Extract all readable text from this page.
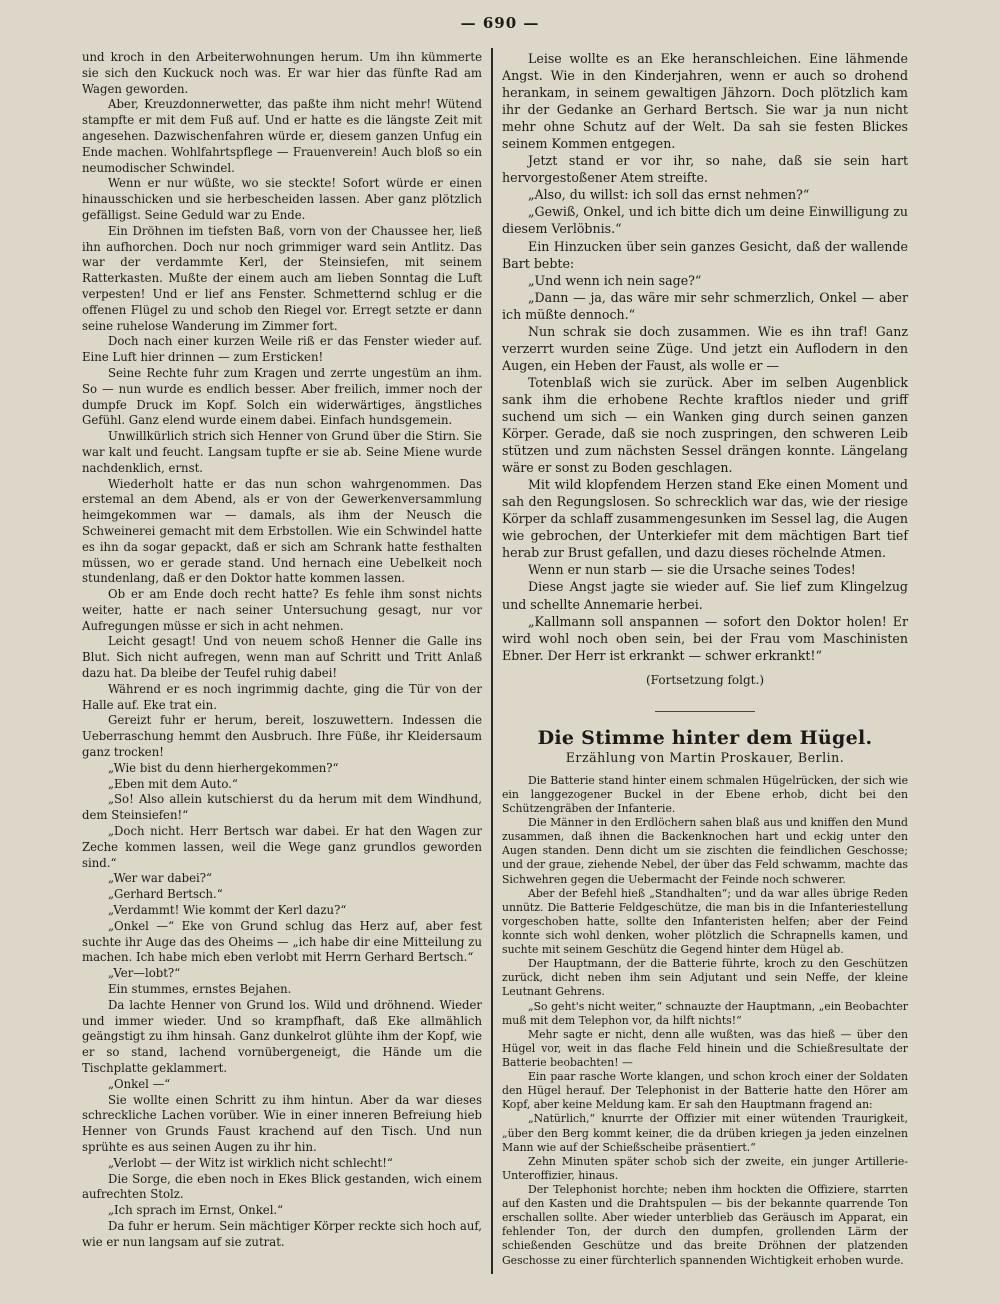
— 690 —

und kroch in den Arbeiterwohnungen herum. Um ihn kümmerte sie sich den Kuckuck noch was. Er war hier das fünfte Rad am Wagen geworden.

Aber, Kreuzdonnerwetter, das paßte ihm nicht mehr! Wütend stampfte er mit dem Fuß auf. Und er hatte es die längste Zeit mit angesehen. Dazwischenfahren würde er, diesem ganzen Unfug ein Ende machen. Wohlfahrtspflege — Frauenverein! Auch bloß so ein neumodischer Schwindel.

Wenn er nur wüßte, wo sie steckte! Sofort würde er einen hinausschicken und sie herbescheiden lassen. Aber ganz plötzlich gefälligst. Seine Geduld war zu Ende.

Ein Dröhnen im tiefsten Baß, vorn von der Chaussee her, ließ ihn aufhorchen. Doch nur noch grimmiger ward sein Antlitz. Das war der verdammte Kerl, der Steinsiefen, mit seinem Ratterkasten. Mußte der einem auch am lieben Sonntag die Luft verpesten! Und er lief ans Fenster. Schmetternd schlug er die offenen Flügel zu und schob den Riegel vor. Erregt setzte er dann seine ruhelose Wanderung im Zimmer fort.

Doch nach einer kurzen Weile riß er das Fenster wieder auf. Eine Luft hier drinnen — zum Ersticken!

Seine Rechte fuhr zum Kragen und zerrte ungestüm an ihm. So — nun wurde es endlich besser. Aber freilich, immer noch der dumpfe Druck im Kopf. Solch ein widerwärtiges, ängstliches Gefühl. Ganz elend wurde einem dabei. Einfach hundsgemein.

Unwillkürlich strich sich Henner von Grund über die Stirn. Sie war kalt und feucht. Langsam tupfte er sie ab. Seine Miene wurde nachdenklich, ernst.

Wiederholt hatte er das nun schon wahrgenommen. Das erstemal an dem Abend, als er von der Gewerkenversammlung heimgekommen war — damals, als ihm der Neusch die Schweinerei gemacht mit dem Erbstollen. Wie ein Schwindel hatte es ihn da sogar gepackt, daß er sich am Schrank hatte festhalten müssen, wo er gerade stand. Und hernach eine Uebelkeit noch stundenlang, daß er den Doktor hatte kommen lassen.

Ob er am Ende doch recht hatte? Es fehle ihm sonst nichts weiter, hatte er nach seiner Untersuchung gesagt, nur vor Aufregungen müsse er sich in acht nehmen.

Leicht gesagt! Und von neuem schoß Henner die Galle ins Blut. Sich nicht aufregen, wenn man auf Schritt und Tritt Anlaß dazu hat. Da bleibe der Teufel ruhig dabei!

Während er es noch ingrimmig dachte, ging die Tür von der Halle auf. Eke trat ein.

Gereizt fuhr er herum, bereit, loszuwettern. Indessen die Ueberraschung hemmt den Ausbruch. Ihre Füße, ihr Kleidersaum ganz trocken!

„Wie bist du denn hierhergekommen?“

„Eben mit dem Auto.“

„So! Also allein kutschierst du da herum mit dem Windhund, dem Steinsiefen!“

„Doch nicht. Herr Bertsch war dabei. Er hat den Wagen zur Zeche kommen lassen, weil die Wege ganz grundlos geworden sind.“

„Wer war dabei?“

„Gerhard Bertsch.“

„Verdammt! Wie kommt der Kerl dazu?“

„Onkel —“ Eke von Grund schlug das Herz auf, aber fest suchte ihr Auge das des Oheims — „ich habe dir eine Mitteilung zu machen. Ich habe mich eben verlobt mit Herrn Gerhard Bertsch.“

„Ver—lobt?“

Ein stummes, ernstes Bejahen.

Da lachte Henner von Grund los. Wild und dröhnend. Wieder und immer wieder. Und so krampfhaft, daß Eke allmählich geängstigt zu ihm hinsah. Ganz dunkelrot glühte ihm der Kopf, wie er so stand, lachend vornübergeneigt, die Hände um die Tischplatte geklammert.

„Onkel —“

Sie wollte einen Schritt zu ihm hintun. Aber da war dieses schreckliche Lachen vorüber. Wie in einer inneren Befreiung hieb Henner von Grunds Faust krachend auf den Tisch. Und nun sprühte es aus seinen Augen zu ihr hin.

„Verlobt — der Witz ist wirklich nicht schlecht!“

Die Sorge, die eben noch in Ekes Blick gestanden, wich einem aufrechten Stolz.

„Ich sprach im Ernst, Onkel.“

Da fuhr er herum. Sein mächtiger Körper reckte sich hoch auf, wie er nun langsam auf sie zutrat.

Leise wollte es an Eke heranschleichen. Eine lähmende Angst. Wie in den Kinderjahren, wenn er auch so drohend herankam, in seinem gewaltigen Jähzorn. Doch plötzlich kam ihr der Gedanke an Gerhard Bertsch. Sie war ja nun nicht mehr ohne Schutz auf der Welt. Da sah sie festen Blickes seinem Kommen entgegen.

Jetzt stand er vor ihr, so nahe, daß sie sein hart hervorgestoßener Atem streifte.

„Also, du willst: ich soll das ernst nehmen?“

„Gewiß, Onkel, und ich bitte dich um deine Einwilligung zu diesem Verlöbnis.“

Ein Hinzucken über sein ganzes Gesicht, daß der wallende Bart bebte:

„Und wenn ich nein sage?“

„Dann — ja, das wäre mir sehr schmerzlich, Onkel — aber ich müßte dennoch.“

Nun schrak sie doch zusammen. Wie es ihn traf! Ganz verzerrt wurden seine Züge. Und jetzt ein Auflodern in den Augen, ein Heben der Faust, als wolle er —

Totenblaß wich sie zurück. Aber im selben Augenblick sank ihm die erhobene Rechte kraftlos nieder und griff suchend um sich — ein Wanken ging durch seinen ganzen Körper. Gerade, daß sie noch zuspringen, den schweren Leib stützen und zum nächsten Sessel drängen konnte. Längelang wäre er sonst zu Boden geschlagen.

Mit wild klopfendem Herzen stand Eke einen Moment und sah den Regungslosen. So schrecklich war das, wie der riesige Körper da schlaff zusammengesunken im Sessel lag, die Augen wie gebrochen, der Unterkiefer mit dem mächtigen Bart tief herab zur Brust gefallen, und dazu dieses röchelnde Atmen.

Wenn er nun starb — sie die Ursache seines Todes!

Diese Angst jagte sie wieder auf. Sie lief zum Klingelzug und schellte Annemarie herbei.

„Kallmann soll anspannen — sofort den Doktor holen! Er wird wohl noch oben sein, bei der Frau vom Maschinisten Ebner. Der Herr ist erkrankt — schwer erkrankt!“

(Fortsetzung folgt.)

Die Stimme hinter dem Hügel.
Erzählung von Martin Proskauer, Berlin.

Die Batterie stand hinter einem schmalen Hügelrücken, der sich wie ein langgezogener Buckel in der Ebene erhob, dicht bei den Schützengräben der Infanterie.

Die Männer in den Erdlöchern sahen blaß aus und kniffen den Mund zusammen, daß ihnen die Backenknochen hart und eckig unter den Augen standen. Denn dicht um sie zischten die feindlichen Geschosse; und der graue, ziehende Nebel, der über das Feld schwamm, machte das Sichwehren gegen die Uebermacht der Feinde noch schwerer.

Aber der Befehl hieß „Standhalten“; und da war alles übrige Reden unnütz. Die Batterie Feldgeschütze, die man bis in die Infanteriestellung vorgeschoben hatte, sollte den Infanteristen helfen; aber der Feind konnte sich wohl denken, woher plötzlich die Schrapnells kamen, und suchte mit seinem Geschütz die Gegend hinter dem Hügel ab.

Der Hauptmann, der die Batterie führte, kroch zu den Geschützen zurück, dicht neben ihm sein Adjutant und sein Neffe, der kleine Leutnant Gehrens.

„So geht's nicht weiter,“ schnauzte der Hauptmann, „ein Beobachter muß mit dem Telephon vor, da hilft nichts!“

Mehr sagte er nicht, denn alle wußten, was das hieß — über den Hügel vor, weit in das flache Feld hinein und die Schießresultate der Batterie beobachten! —

Ein paar rasche Worte klangen, und schon kroch einer der Soldaten den Hügel herauf. Der Telephonist in der Batterie hatte den Hörer am Kopf, aber keine Meldung kam. Er sah den Hauptmann fragend an:

„Natürlich,“ knurrte der Offizier mit einer wütenden Traurigkeit, „über den Berg kommt keiner, die da drüben kriegen ja jeden einzelnen Mann wie auf der Schießscheibe präsentiert.“

Zehn Minuten später schob sich der zweite, ein junger Artillerie-Unteroffizier, hinaus.

Der Telephonist horchte; neben ihm hockten die Offiziere, starrten auf den Kasten und die Drahtspulen — bis der bekannte quarrende Ton erschallen sollte. Aber wieder unterblieb das Geräusch im Apparat, ein fehlender Ton, der durch den dumpfen, grollenden Lärm der schießenden Geschütze und das breite Dröhnen der platzenden Geschosse zu einer fürchterlich spannenden Wichtigkeit erhoben wurde.
